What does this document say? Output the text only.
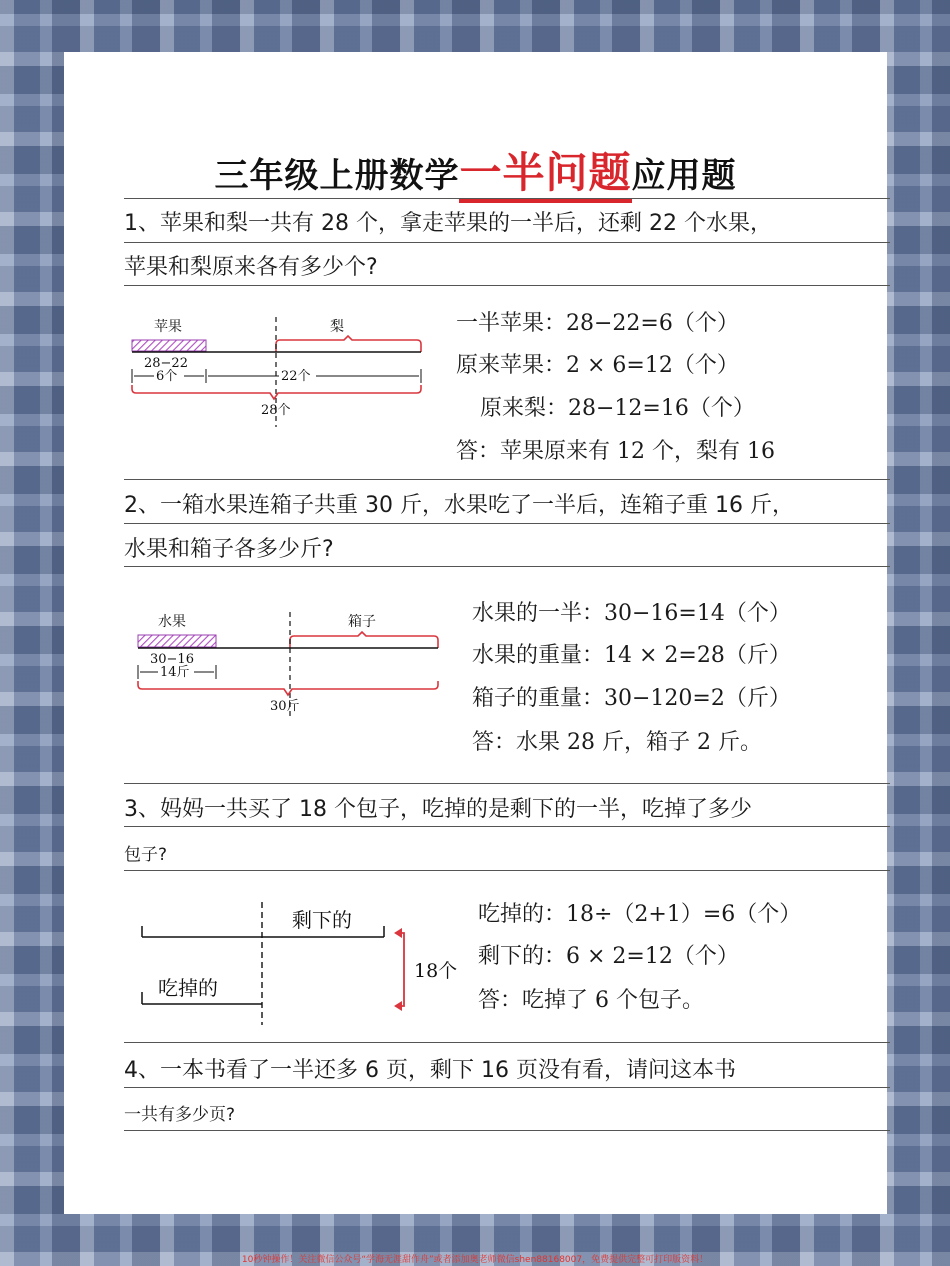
三年级上册数学一半问题应用题
1、苹果和梨一共有 28 个，拿走苹果的一半后，还剩 22 个水果，
苹果和梨原来各有多少个?
苹果	梨
28−22
6个	22个
28个
一半苹果：28−22=6（个）
原来苹果：2 × 6=12（个）
原来梨：28−12=16（个）
答：苹果原来有 12 个，梨有 16
2、一箱水果连箱子共重 30 斤，水果吃了一半后，连箱子重 16 斤，
水果和箱子各多少斤?
水果	箱子
30−16
14斤
30斤
水果的一半：30−16=14（个）
水果的重量：14 × 2=28（斤）
箱子的重量：30−120=2（斤）
答：水果 28 斤，箱子 2 斤。
3、妈妈一共买了 18 个包子，吃掉的是剩下的一半，吃掉了多少
包子?
剩下的
吃掉的
18个
吃掉的：18÷（2+1）=6（个）
剩下的：6 × 2=12（个）
答：吃掉了 6 个包子。
4、一本书看了一半还多 6 页，剩下 16 页没有看，请问这本书
一共有多少页?
10秒钟操作！关注微信公众号“学海无涯甜作舟”或者添加奥老师微信shen88168007，免费提供完整可打印版资料！
